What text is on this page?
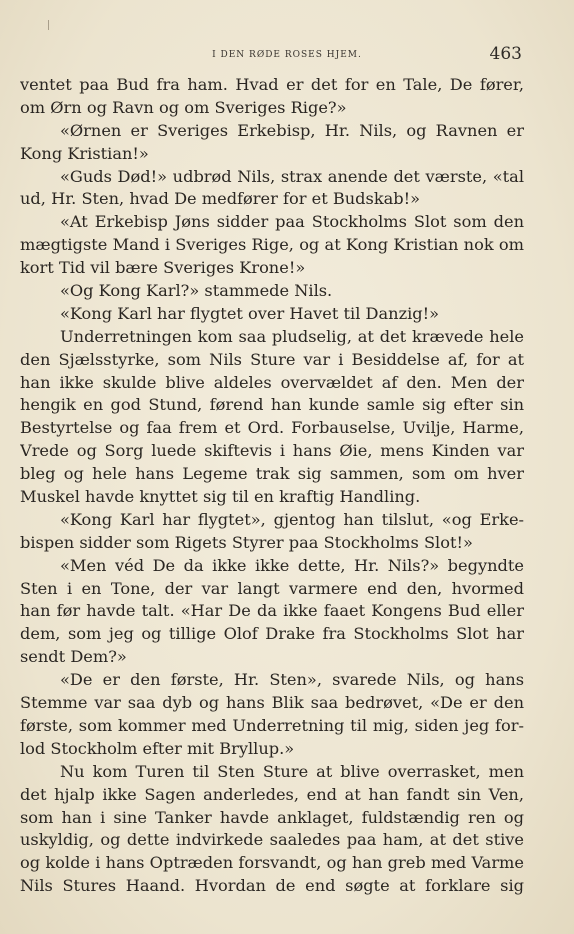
I DEN RØDE ROSES HJEM.	463
ventet paa Bud fra ham. Hvad er det for en Tale, De fører,
om Ørn og Ravn og om Sveriges Rige?»
«Ørnen er Sveriges Erkebisp, Hr. Nils, og Ravnen er
Kong Kristian!»
«Guds Død!» udbrød Nils, strax anende det værste, «tal
ud, Hr. Sten, hvad De medfører for et Budskab!»
«At Erkebisp Jøns sidder paa Stockholms Slot som den
mægtigste Mand i Sveriges Rige, og at Kong Kristian nok om
kort Tid vil bære Sveriges Krone!»
«Og Kong Karl?» stammede Nils.
«Kong Karl har flygtet over Havet til Danzig!»
Underretningen kom saa pludselig, at det krævede hele
den Sjælsstyrke, som Nils Sture var i Besiddelse af, for at
han ikke skulde blive aldeles overvældet af den. Men der
hengik en god Stund, førend han kunde samle sig efter sin
Bestyrtelse og faa frem et Ord. Forbauselse, Uvilje, Harme,
Vrede og Sorg luede skiftevis i hans Øie, mens Kinden var
bleg og hele hans Legeme trak sig sammen, som om hver
Muskel havde knyttet sig til en kraftig Handling.
«Kong Karl har flygtet», gjentog han tilslut, «og Erke-
bispen sidder som Rigets Styrer paa Stockholms Slot!»
«Men véd De da ikke ikke dette, Hr. Nils?» begyndte
Sten i en Tone, der var langt varmere end den, hvormed
han før havde talt. «Har De da ikke faaet Kongens Bud eller
dem, som jeg og tillige Olof Drake fra Stockholms Slot har
sendt Dem?»
«De er den første, Hr. Sten», svarede Nils, og hans
Stemme var saa dyb og hans Blik saa bedrøvet, «De er den
første, som kommer med Underretning til mig, siden jeg for-
lod Stockholm efter mit Bryllup.»
Nu kom Turen til Sten Sture at blive overrasket, men
det hjalp ikke Sagen anderledes, end at han fandt sin Ven,
som han i sine Tanker havde anklaget, fuldstændig ren og
uskyldig, og dette indvirkede saaledes paa ham, at det stive
og kolde i hans Optræden forsvandt, og han greb med Varme
Nils Stures Haand. Hvordan de end søgte at forklare sig
